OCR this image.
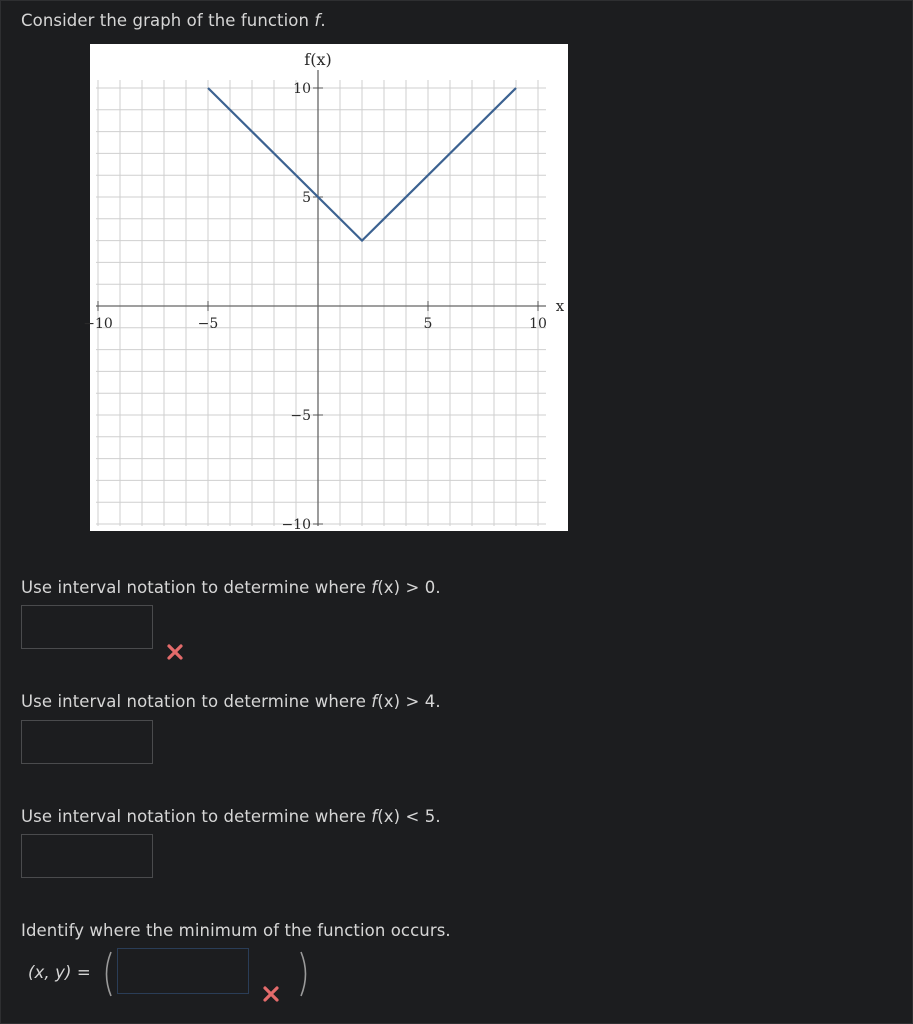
Consider the graph of the function f.
−10	−5	5	10
10
5
−5
−10
f(x)
x
Use interval notation to determine where f(x) > 0.
Use interval notation to determine where f(x) > 4.
Use interval notation to determine where f(x) < 5.
Identify where the minimum of the function occurs.
(x, y) =
